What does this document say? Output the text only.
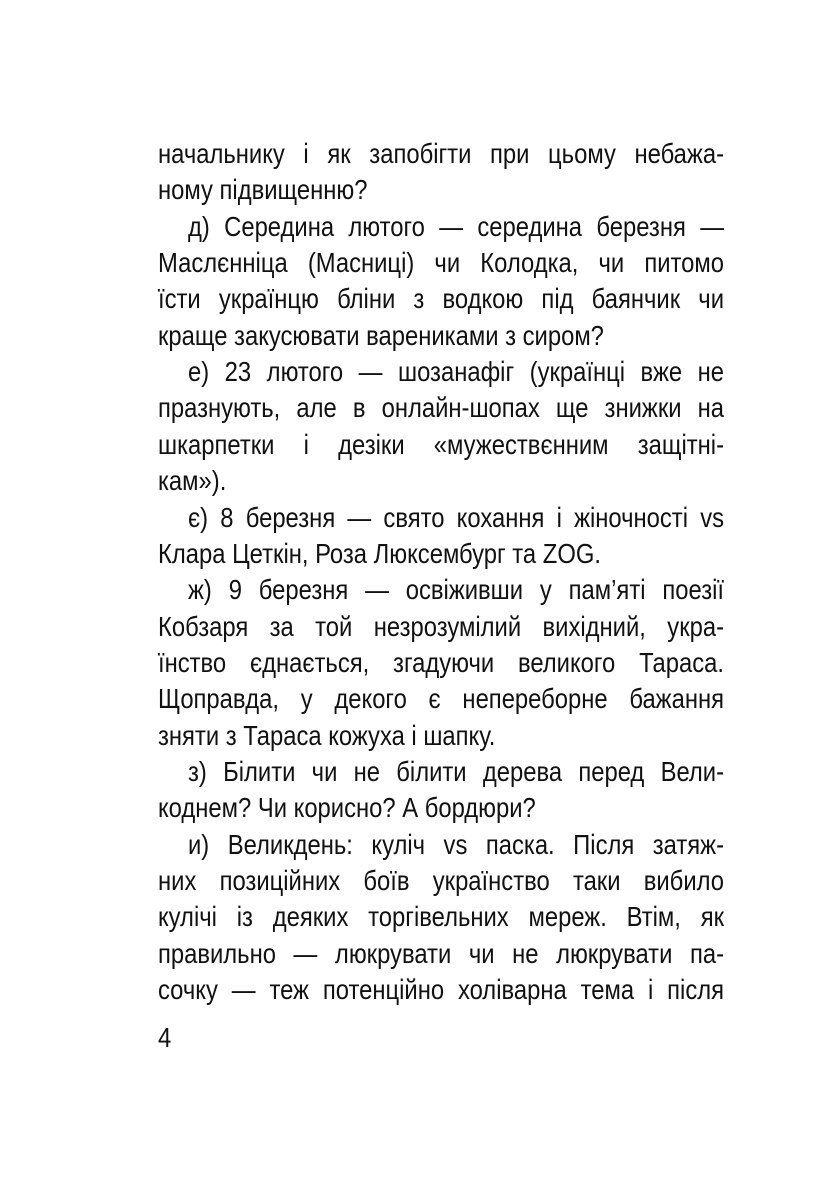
начальнику і як запобігти при цьому небажа-
ному підвищенню?
д) Середина лютого — середина березня —
Маслєнніца (Масниці) чи Колодка, чи питомо
їсти українцю бліни з водкою під баянчик чи
краще закусювати варениками з сиром?
е) 23 лютого — шозанафіг (українці вже не
празнують, але в онлайн-шопах ще знижки на
шкарпетки і дезіки «мужествєнним защітні-
кам»).
є) 8 березня — свято кохання і жіночності vs
Клара Цеткін, Роза Люксембург та ZOG.
ж) 9 березня — освіживши у пам’яті поезії
Кобзаря за той незрозумілий вихідний, укра-
їнство єднається, згадуючи великого Тараса.
Щоправда, у декого є непереборне бажання
зняти з Тараса кожуха і шапку.
з) Білити чи не білити дерева перед Вели-
коднем? Чи корисно? А бордюри?
и) Великдень: куліч vs паска. Після затяж-
них позиційних боїв українство таки вибило
кулічі із деяких торгівельних мереж. Втім, як
правильно — люкрувати чи не люкрувати па-
сочку — теж потенційно холіварна тема і після
4
